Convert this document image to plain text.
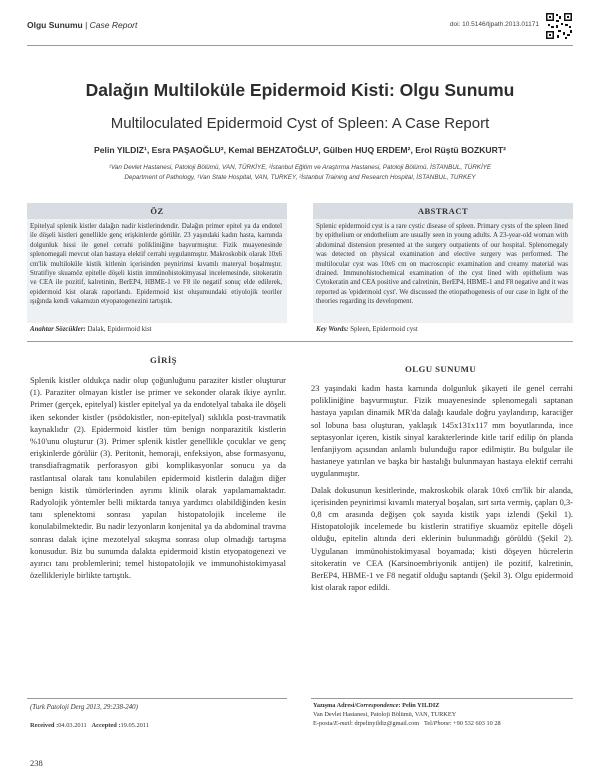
Olgu Sunumu | Case Report	doi: 10.5146/tjpath.2013.01171
Dalağın Multiloküle Epidermoid Kisti: Olgu Sunumu
Multiloculated Epidermoid Cyst of Spleen: A Case Report
Pelin YILDIZ¹, Esra PAŞAOĞLU², Kemal BEHZATOĞLU², Gülben HUQ ERDEM², Erol Rüştü BOZKURT²
¹Van Devlet Hastanesi, Patoloji Bölümü, VAN, TÜRKİYE, ²İstanbul Eğitim ve Araştırma Hastanesi, Patoloji Bölümü, İSTANBUL, TÜRKİYE
Department of Pathology, ¹Van State Hospital, VAN, TURKEY, ²İstanbul Training and Research Hospital, İSTANBUL, TURKEY
ÖZ
Epitelyal splenik kistler dalağın nadir kistlerindendir. Dalağın primer epitel ya da endotel ile döşeli kistleri genellikle genç erişkinlerde görülür. 23 yaşındaki kadın hasta, karnında dolgunluk hissi ile genel cerrahi polikliniğine başvurmuştur. Fizik muayenesinde splenomegali mevcut olan hastaya elektif cerrahi uygulanmıştır. Makroskobik olarak 10x6 cm'lik multiloküle kistik kitlenin içerisinden peynirimsi kıvamlı materyal boşalmıştır. Stratifiye skuamöz epitelle döşeli kistin immünohistokimyasal incelemesinde, sitokeratin ve CEA ile pozitif, kalretinin, BerEP4, HBME-1 ve F8 ile negatif sonuç elde edilerek, epidermoid kist olarak raporlandı. Epidermoid kist oluşumundaki etiyolojik teoriler ışığında kendi vakamızın etyopatogenezini tartıştık.
ABSTRACT
Splenic epidermoid cyst is a rare cystic disease of spleen. Primary cysts of the spleen lined by epithelium or endothelium are usually seen in young adults. A 23-year-old woman with abdominal distension presented at the surgery outpatients of our hospital. Splenomegaly was detected on physical examination and elective surgery was performed. The multilocular cyst was 10x6 cm on macroscopic examination and creamy material was drained. Immunohistochemical examination of the cyst lined with epithelium was Cytokeratin and CEA positive and calretinin, BerEP4, HBME-1 and F8 negative and it was reported as 'epidermoid cyst'. We discussed the etiopathogenesis of our case in light of the theories regarding its development.
Anahtar Sözcükler: Dalak, Epidermoid kist	Key Words: Spleen, Epidermoid cyst
GİRİŞ
Splenik kistler oldukça nadir olup çoğunluğunu paraziter kistler oluşturur (1). Paraziter olmayan kistler ise primer ve sekonder olarak ikiye ayrılır. Primer (gerçek, epitelyal) kistler epitelyal ya da endotelyal tabaka ile döşeli iken sekonder kistler (psödokistler, non-epitelyal) sıklıkla post-travmatik kaynaklıdır (2). Epidermoid kistler tüm benign nonparazitik kistlerin %10'unu oluşturur (3). Primer splenik kistler genellikle çocuklar ve genç erişkinlerde görülür (3). Peritonit, hemoraji, enfeksiyon, abse formasyonu, transdiafragmatik perforasyon gibi komplikasyonlar sonucu ya da rastlantısal olarak tanı konulabilen epidermoid kistlerin dalağın diğer benign kistik tümörlerinden ayrımı klinik olarak yapılamamaktadır. Radyolojik yöntemler belli miktarda tanıya yardımcı olabildiğinden kesin tanı splenektomi sonrası yapılan histopatolojik inceleme ile konulabilmektedir. Bu nadir lezyonların konjenital ya da abdominal travma sonrası dalak içine mezotelyal sıkışma sonrası olup olmadığı tartışma konusudur. Biz bu sunumda dalakta epidermoid kistin etyopatogenezi ve ayırıcı tanı problemlerini; temel histopatolojik ve immunohistokimyasal özellikleriyle birlikte tartıştık.
OLGU SUNUMU

23 yaşındaki kadın hasta karnında dolgunluk şikayeti ile genel cerrahi polikliniğine başvurmuştur. Fizik muayenesinde splenomegali saptanan hastaya yapılan dinamik MR'da dalağı kaudale doğru yaylandırıp, karaciğer sol lobuna bası oluşturan, yaklaşık 145x131x117 mm boyutlarında, ince septasyonlar içeren, kistik sinyal karakterlerinde kitle tarif edilip ön planda lenfanjiyom açısından anlamlı bulunduğu rapor edilmiştir. Bu bulgular ile hastaneye yatırılan ve başka bir hastalığı bulunmayan hastaya elektif cerrahi uygulanmıştır.

Dalak dokusunun kesitlerinde, makroskobik olarak 10x6 cm'lik bir alanda, içerisinden peynirimsi kıvamlı materyal boşalan, sırt sırta vermiş, çapları 0,3-0,8 cm arasında değişen çok sayıda kistik yapı izlendi (Şekil 1). Histopatolojik incelemede bu kistlerin stratifiye skuamöz epitelle döşeli olduğu, epitelin altında deri eklerinin bulunmadığı görüldü (Şekil 2). Uygulanan immünohistokimyasal boyamada; kisti döşeyen hücrelerin sitokeratin ve CEA (Karsinoembriyonik antijen) ile pozitif, kalretinin, BerEP4, HBME-1 ve F8 negatif olduğu saptandı (Şekil 3). Olgu epidermoid kist olarak rapor edildi.

(Turk Patoloji Derg 2013, 29:238-240)
Received :04.03.2011 Accepted :19.05.2011
Yazışma Adresi/Correspondence: Pelin YILDIZ
Van Devlet Hastanesi, Patoloji Bölümü, VAN, TURKEY
E-posta/E-mail: drpelinyildiz@gmail.com Tel/Phone: +90 532 603 10 28
238
